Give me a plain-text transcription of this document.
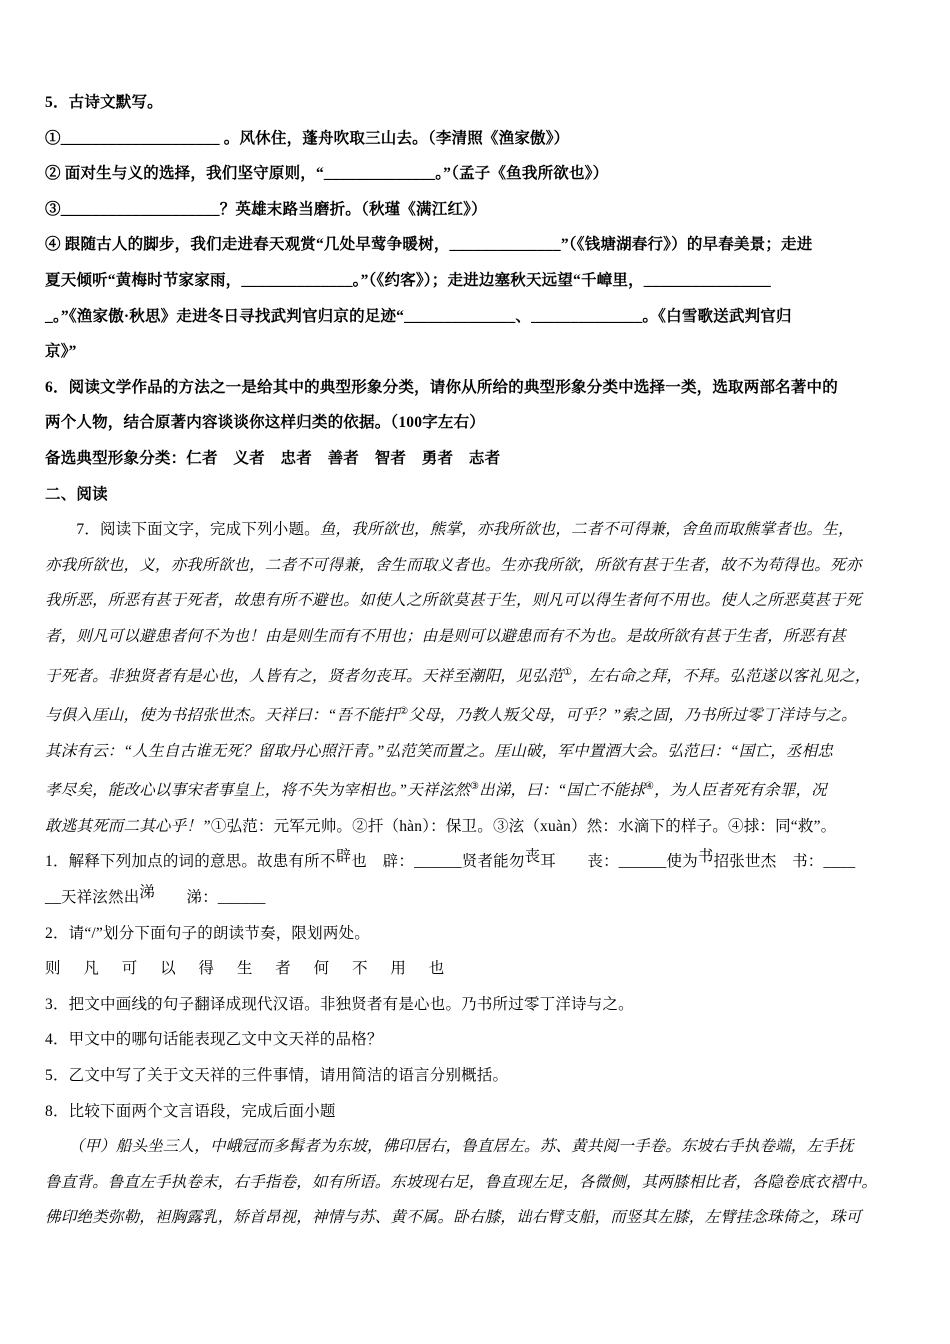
5．古诗文默写。

①____________________ 。风休住，蓬舟吹取三山去。（李清照《渔家傲》）

② 面对生与义的选择，我们坚守原则，“______________。”（孟子《鱼我所欲也》）

③____________________？英雄末路当磨折。（秋瑾《满江红》）

④ 跟随古人的脚步，我们走进春天观赏“几处早莺争暖树，______________”（《钱塘湖春行》）的早春美景；走进

夏天倾听“黄梅时节家家雨，______________。”（《约客》）；走进边塞秋天远望“千嶂里，________________

_。”《渔家傲·秋思》走进冬日寻找武判官归京的足迹“______________、______________。《白雪歌送武判官归

京》”

6．阅读文学作品的方法之一是给其中的典型形象分类，请你从所给的典型形象分类中选择一类，选取两部名著中的

两个人物，结合原著内容谈谈你这样归类的依据。（100字左右）

备选典型形象分类：仁者　义者　忠者　善者　智者　勇者　志者

二、阅读

　　7．阅读下面文字，完成下列小题。鱼，我所欲也，熊掌，亦我所欲也，二者不可得兼，舍鱼而取熊掌者也。生，

亦我所欲也，义，亦我所欲也，二者不可得兼，舍生而取义者也。生亦我所欲，所欲有甚于生者，故不为苟得也。死亦

我所恶，所恶有甚于死者，故患有所不避也。如使人之所欲莫甚于生，则凡可以得生者何不用也。使人之所恶莫甚于死

者，则凡可以避患者何不为也！由是则生而有不用也；由是则可以避患而有不为也。是故所欲有甚于生者，所恶有甚

于死者。非独贤者有是心也，人皆有之，贤者勿丧耳。天祥至潮阳，见弘范①，左右命之拜，不拜。弘范遂以客礼见之，

与俱入厓山，使为书招张世杰。天祥曰：“吾不能扞②父母，乃教人叛父母，可乎？”索之固，乃书所过零丁洋诗与之。

其沫有云：“人生自古谁无死？留取丹心照汗青。”弘范笑而置之。厓山破，军中置酒大会。弘范曰：“国亡，丞相忠

孝尽矣，能改心以事宋者事皇上，将不失为宰相也。”天祥泫然③出涕，曰：“国亡不能捄④，为人臣者死有余罪，况

敢逃其死而二其心乎！”①弘范：元军元帅。②扞（hàn）：保卫。③泫（xuàn）然：水滴下的样子。④捄：同“救”。

1．解释下列加点的词的意思。故患有所不辟也　辟：______贤者能勿丧耳　　丧：______使为书招张世杰　书：____

__天祥泫然出涕　　涕：______

2．请“/”划分下面句子的朗读节奏，限划两处。

则 凡 可 以 得 生 者 何 不 用 也

3．把文中画线的句子翻译成现代汉语。非独贤者有是心也。乃书所过零丁洋诗与之。

4．甲文中的哪句话能表现乙文中文天祥的品格？

5．乙文中写了关于文天祥的三件事情，请用简洁的语言分别概括。

8．比较下面两个文言语段，完成后面小题

　　（甲）船头坐三人，中峨冠而多髯者为东坡，佛印居右，鲁直居左。苏、黄共阅一手卷。东坡右手执卷端，左手抚

鲁直背。鲁直左手执卷末，右手指卷，如有所语。东坡现右足，鲁直现左足，各微侧，其两膝相比者，各隐卷底衣褶中。

佛印绝类弥勒，袒胸露乳，矫首昂视，神情与苏、黄不属。卧右膝，诎右臂支船，而竖其左膝，左臂挂念珠倚之，珠可
